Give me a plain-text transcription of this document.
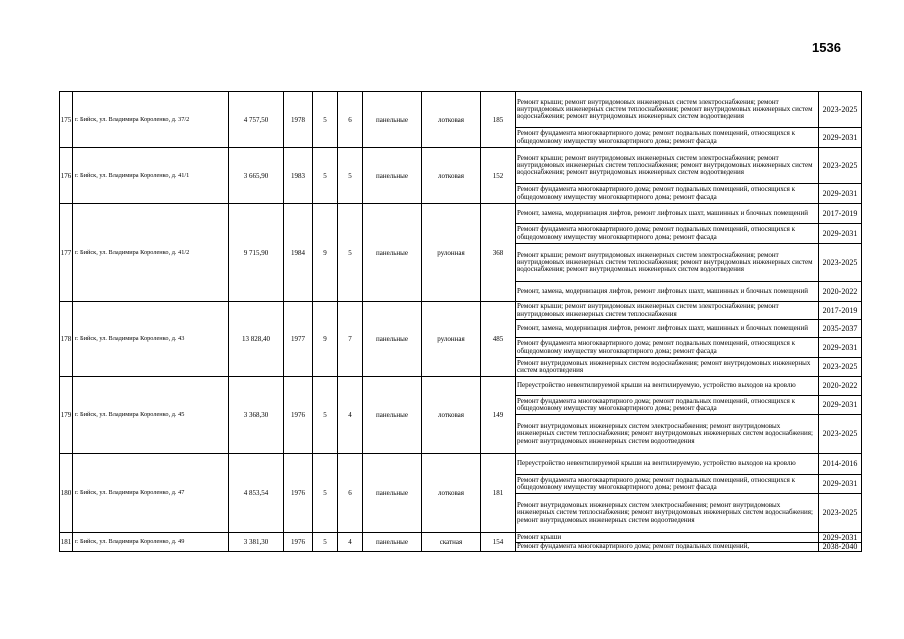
1536
175	г. Бийск, ул. Владимира Короленко, д. 37/2	4 757,50	1978	5	6	панельные	лотковая	185	Ремонт крыши; ремонт внутридомовых инженерных систем электроснабжения; ремонт внутридомовых инженерных систем теплоснабжения; ремонт внутридомовых инженерных систем водоснабжения; ремонт внутридомовых инженерных систем водоотведения	2023-2025
									Ремонт фундамента многоквартирного дома; ремонт подвальных помещений, относящихся к общедомовому имуществу многоквартирного дома; ремонт фасада	2029-2031
176	г. Бийск, ул. Владимира Короленко, д. 41/1	3 665,90	1983	5	5	панельные	лотковая	152	Ремонт крыши; ремонт внутридомовых инженерных систем электроснабжения; ремонт внутридомовых инженерных систем теплоснабжения; ремонт внутридомовых инженерных систем водоснабжения; ремонт внутридомовых инженерных систем водоотведения	2023-2025
									Ремонт фундамента многоквартирного дома; ремонт подвальных помещений, относящихся к общедомовому имуществу многоквартирного дома; ремонт фасада	2029-2031
177	г. Бийск, ул. Владимира Короленко, д. 41/2	9 715,90	1984	9	5	панельные	рулонная	368	Ремонт, замена, модернизация лифтов, ремонт лифтовых шахт, машинных и блочных помещений	2017-2019
									Ремонт фундамента многоквартирного дома; ремонт подвальных помещений, относящихся к общедомовому имуществу многоквартирного дома; ремонт фасада	2029-2031
									Ремонт крыши; ремонт внутридомовых инженерных систем электроснабжения; ремонт внутридомовых инженерных систем теплоснабжения; ремонт внутридомовых инженерных систем водоснабжения; ремонт внутридомовых инженерных систем водоотведения	2023-2025
									Ремонт, замена, модернизация лифтов, ремонт лифтовых шахт, машинных и блочных помещений	2020-2022
178	г. Бийск, ул. Владимира Короленко, д. 43	13 828,40	1977	9	7	панельные	рулонная	485	Ремонт крыши; ремонт внутридомовых инженерных систем электроснабжения; ремонт внутридомовых инженерных систем теплоснабжения	2017-2019
									Ремонт, замена, модернизация лифтов, ремонт лифтовых шахт, машинных и блочных помещений	2035-2037
									Ремонт фундамента многоквартирного дома; ремонт подвальных помещений, относящихся к общедомовому имуществу многоквартирного дома; ремонт фасада	2029-2031
									Ремонт внутридомовых инженерных систем водоснабжения; ремонт внутридомовых инженерных систем водоотведения	2023-2025
179	г. Бийск, ул. Владимира Короленко, д. 45	3 368,30	1976	5	4	панельные	лотковая	149	Переустройство невентилируемой крыши на вентилируемую, устройство выходов на кровлю	2020-2022
									Ремонт фундамента многоквартирного дома; ремонт подвальных помещений, относящихся к общедомовому имуществу многоквартирного дома; ремонт фасада	2029-2031
									Ремонт внутридомовых инженерных систем электроснабжения; ремонт внутридомовых инженерных систем теплоснабжения; ремонт внутридомовых инженерных систем водоснабжения; ремонт внутридомовых инженерных систем водоотведения	2023-2025
180	г. Бийск, ул. Владимира Короленко, д. 47	4 853,54	1976	5	6	панельные	лотковая	181	Переустройство невентилируемой крыши на вентилируемую, устройство выходов на кровлю	2014-2016
									Ремонт фундамента многоквартирного дома; ремонт подвальных помещений, относящихся к общедомовому имуществу многоквартирного дома; ремонт фасада	2029-2031
									Ремонт внутридомовых инженерных систем электроснабжения; ремонт внутридомовых инженерных систем теплоснабжения; ремонт внутридомовых инженерных систем водоснабжения; ремонт внутридомовых инженерных систем водоотведения	2023-2025
181	г. Бийск, ул. Владимира Короленко, д. 49	3 381,30	1976	5	4	панельные	скатная	154	Ремонт крыши	2029-2031
									Ремонт фундамента многоквартирного дома; ремонт подвальных помещений,	2038-2040
